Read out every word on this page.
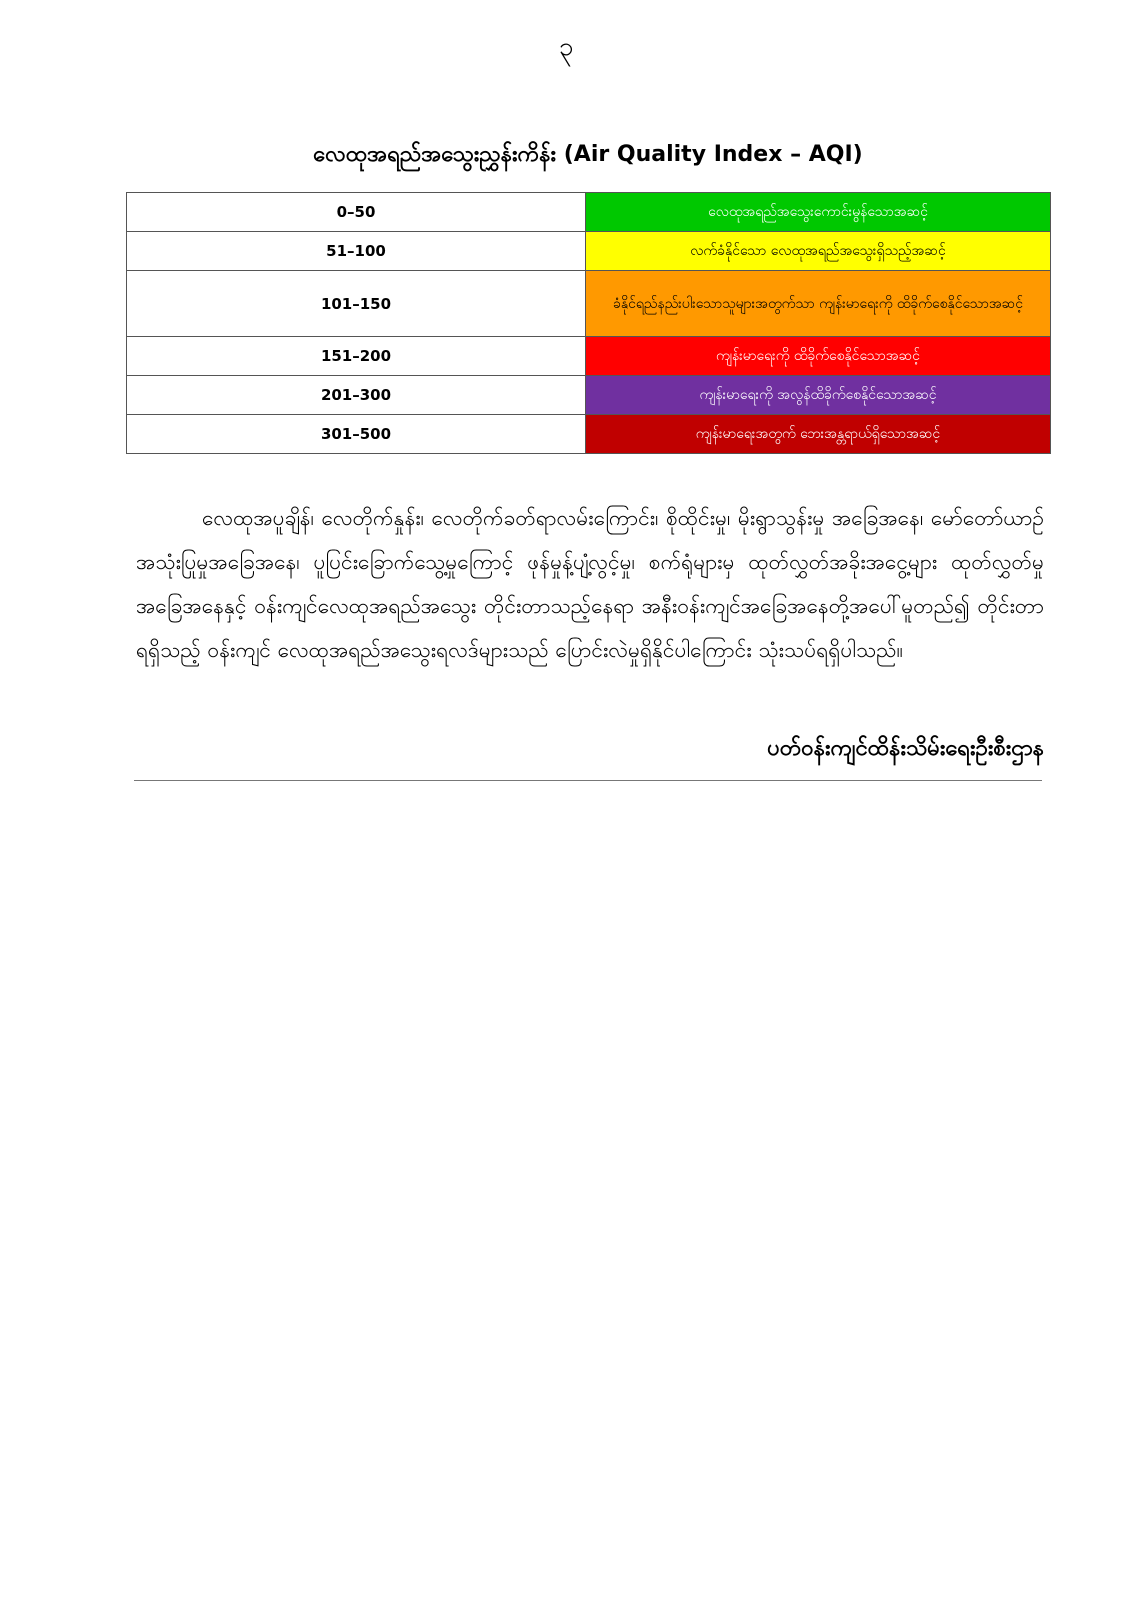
၃
လေထုအရည်အသွေးညွှန်းကိန်း (Air Quality Index – AQI)
0–50	လေထုအရည်အသွေးကောင်းမွန်သောအဆင့်
51–100	လက်ခံနိုင်သော လေထုအရည်အသွေးရှိသည့်အဆင့်
101–150	ခံနိုင်ရည်နည်းပါးသောသူများအတွက်သာ ကျန်းမာရေးကို ထိခိုက်စေနိုင်သောအဆင့်
151–200	ကျန်းမာရေးကို ထိခိုက်စေနိုင်သောအဆင့်
201–300	ကျန်းမာရေးကို အလွန်ထိခိုက်စေနိုင်သောအဆင့်
301–500	ကျန်းမာရေးအတွက် ဘေးအန္တရာယ်ရှိသောအဆင့်
လေထုအပူချိန်၊ လေတိုက်နှုန်း၊ လေတိုက်ခတ်ရာလမ်းကြောင်း၊ စိုထိုင်းမှု၊ မိုးရွာသွန်းမှု အခြေအနေ၊ မော်တော်ယာဉ်အသုံးပြုမှုအခြေအနေ၊ ပူပြင်းခြောက်သွေ့မှုကြောင့် ဖုန်မှုန့်ပျံ့လွင့်မှု၊ စက်ရုံများမှ ထုတ်လွှတ်အခိုးအငွေ့များ ထုတ်လွှတ်မှုအခြေအနေနှင့် ဝန်းကျင်လေထုအရည်အသွေး တိုင်းတာသည့်နေရာ အနီးဝန်းကျင်အခြေအနေတို့အပေါ်မူတည်၍ တိုင်းတာရရှိသည့် ဝန်းကျင် လေထုအရည်အသွေးရလဒ်များသည် ပြောင်းလဲမှုရှိနိုင်ပါကြောင်း သုံးသပ်ရရှိပါသည်။
ပတ်ဝန်းကျင်ထိန်းသိမ်းရေးဦးစီးဌာန
